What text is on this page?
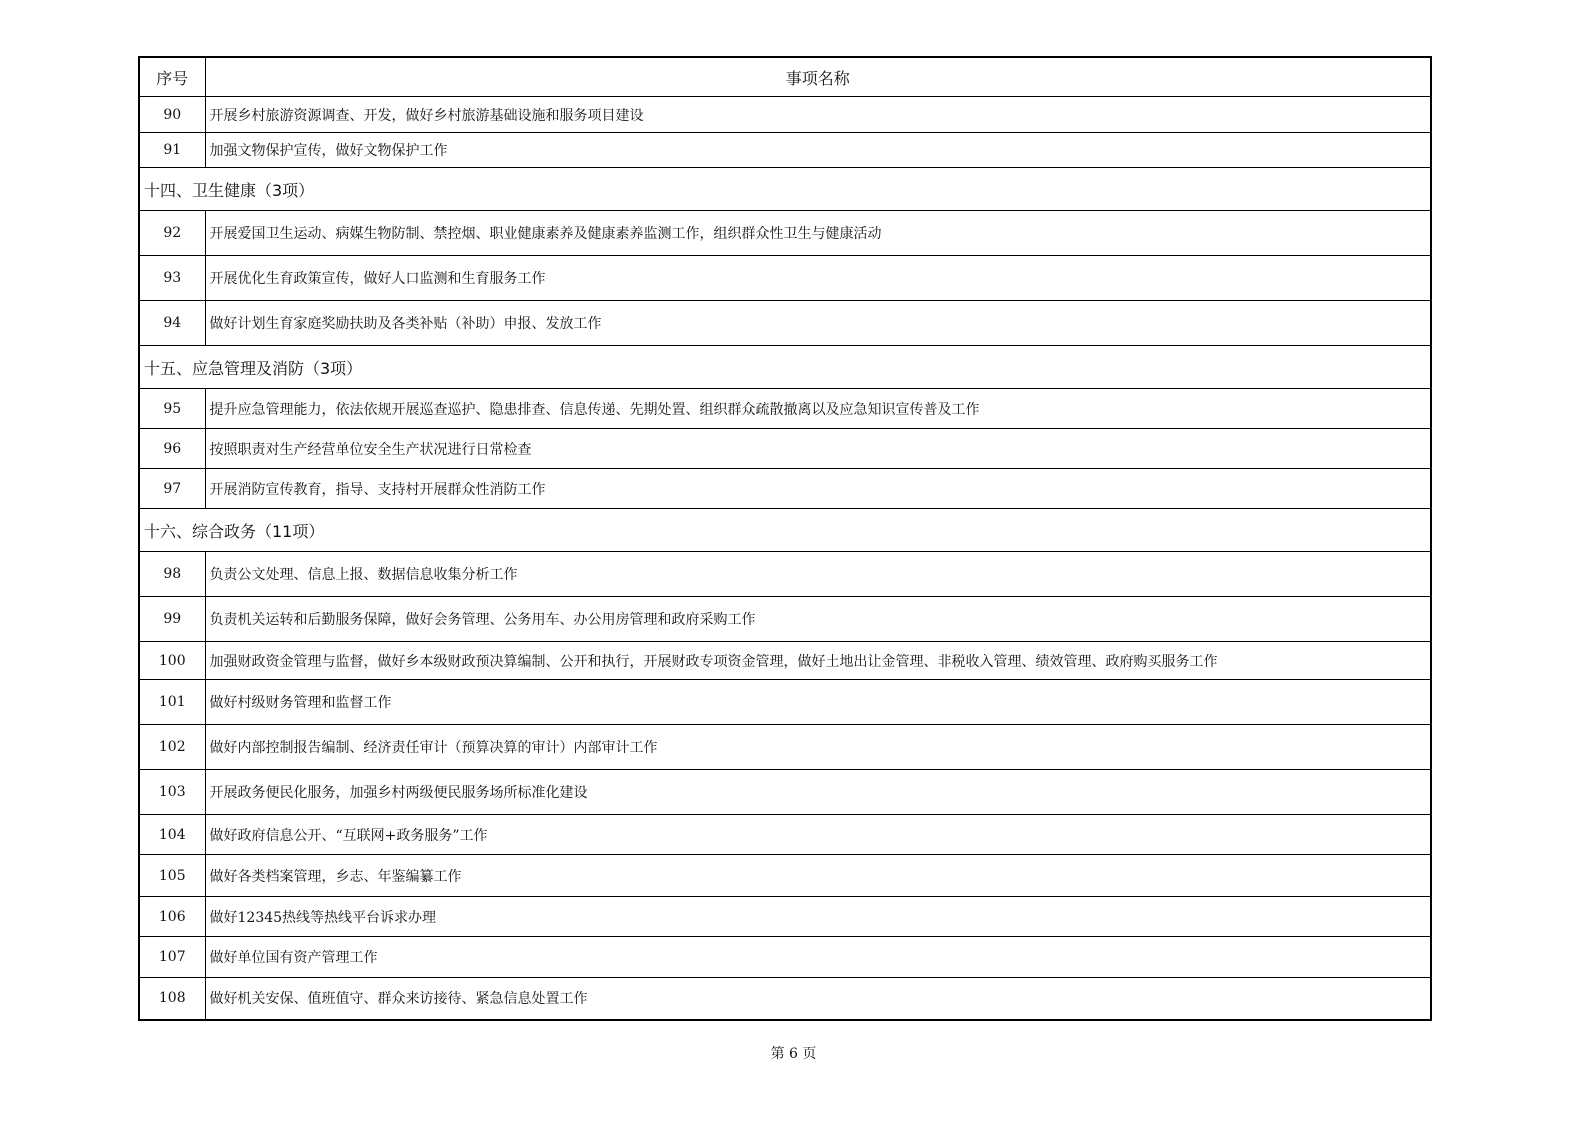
序号	事项名称
90	开展乡村旅游资源调查、开发，做好乡村旅游基础设施和服务项目建设
91	加强文物保护宣传，做好文物保护工作
十四、卫生健康（3项）	
92	开展爱国卫生运动、病媒生物防制、禁控烟、职业健康素养及健康素养监测工作，组织群众性卫生与健康活动
93	开展优化生育政策宣传，做好人口监测和生育服务工作
94	做好计划生育家庭奖励扶助及各类补贴（补助）申报、发放工作
十五、应急管理及消防（3项）	
95	提升应急管理能力，依法依规开展巡查巡护、隐患排查、信息传递、先期处置、组织群众疏散撤离以及应急知识宣传普及工作
96	按照职责对生产经营单位安全生产状况进行日常检查
97	开展消防宣传教育，指导、支持村开展群众性消防工作
十六、综合政务（11项）	
98	负责公文处理、信息上报、数据信息收集分析工作
99	负责机关运转和后勤服务保障，做好会务管理、公务用车、办公用房管理和政府采购工作
100	加强财政资金管理与监督，做好乡本级财政预决算编制、公开和执行，开展财政专项资金管理，做好土地出让金管理、非税收入管理、绩效管理、政府购买服务工作
101	做好村级财务管理和监督工作
102	做好内部控制报告编制、经济责任审计（预算决算的审计）内部审计工作
103	开展政务便民化服务，加强乡村两级便民服务场所标准化建设
104	做好政府信息公开、“互联网+政务服务”工作
105	做好各类档案管理，乡志、年鉴编纂工作
106	做好12345热线等热线平台诉求办理
107	做好单位国有资产管理工作
108	做好机关安保、值班值守、群众来访接待、紧急信息处置工作
第 6 页
